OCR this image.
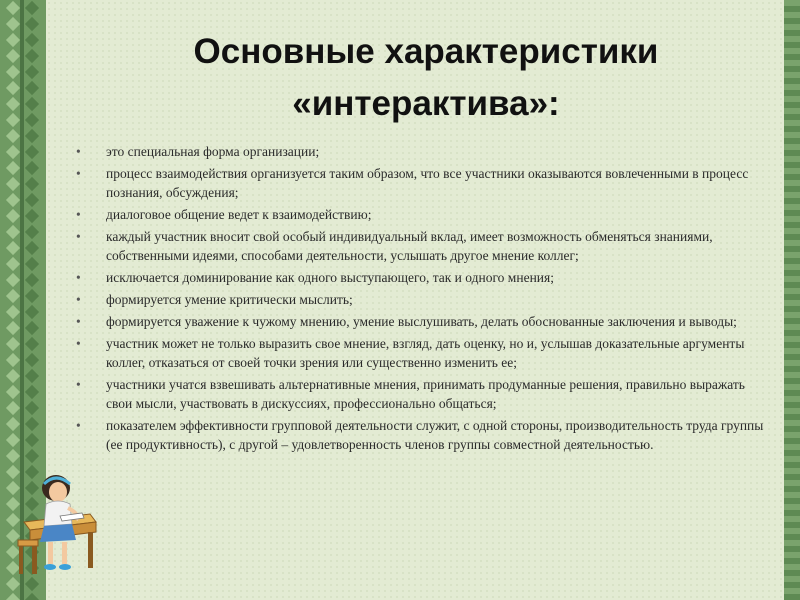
Основные характеристики
«интерактива»:
• это специальная форма организации;
• процесс взаимодействия организуется таким образом, что все участники оказываются вовлеченными в процесс познания, обсуждения;
• диалоговое общение ведет к взаимодействию;
• каждый участник вносит свой особый индивидуальный вклад, имеет возможность обменяться знаниями, собственными идеями, способами деятельности, услышать другое мнение коллег;
• исключается доминирование как одного выступающего, так и одного мнения;
• формируется умение критически мыслить;
• формируется уважение к чужому мнению, умение выслушивать, делать обоснованные заключения и выводы;
• участник может не только выразить свое мнение, взгляд, дать оценку, но и, услышав доказательные аргументы коллег, отказаться от своей точки зрения или существенно изменить ее;
• участники учатся взвешивать альтернативные мнения, принимать продуманные решения, правильно выражать свои мысли, участвовать в дискуссиях, профессионально общаться;
• показателем эффективности групповой деятельности служит, с одной стороны, производительность труда группы (ее продуктивность), с другой – удовлетворенность членов группы совместной деятельностью.
